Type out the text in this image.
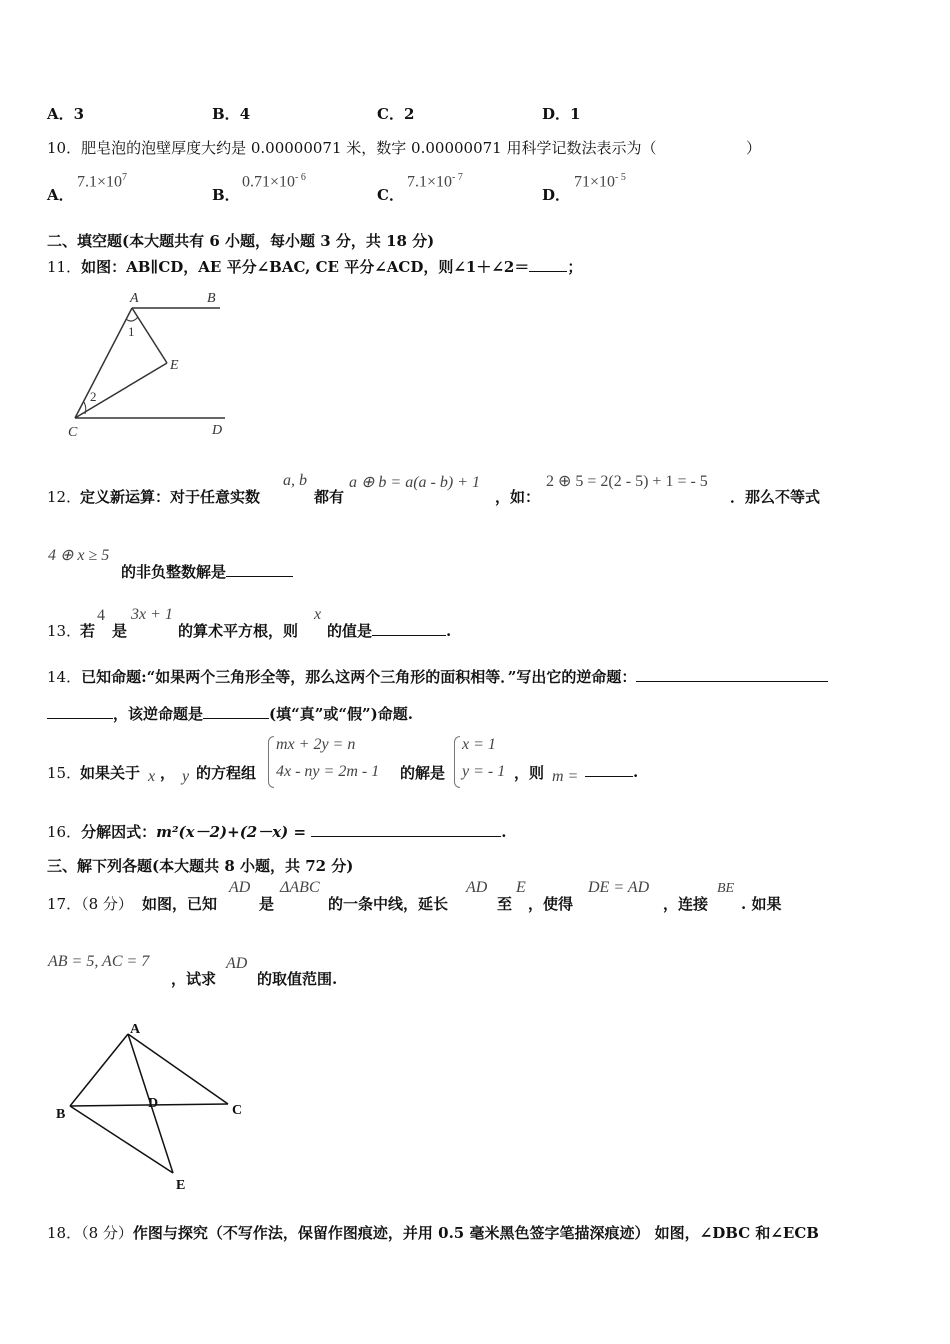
A．3	B．4	C．2	D．1
10．肥皂泡的泡壁厚度大约是 0.00000071 米，数字 0.00000071 用科学记数法表示为（	）
A．
$7.1\times 10^7$
B．
$0.71\times 10^{- 6}$
C．
$7.1\times 10^{- 7}$
D．
$71\times 10^{- 5}$
二、填空题(本大题共有 6 小题，每小题 3 分，共 18 分)
11．如图：AB∥CD，AE 平分∠BAC, CE 平分∠ACD，则∠1＋∠2＝	；
A	B
C	D
E
1
2
12．
定义新运算：对于任意实数
a, b
都有
a ⊕ b = a(a - b) + 1
，如：
2 ⊕ 5 = 2(2 - 5) + 1 = - 5
．那么不等式
4 ⊕ x ≥ 5
的非负整数解是
13．
若
4
是
3x + 1
的算术平方根，则
x
的值是	.
14．已知命题:“如果两个三角形全等，那么这两个三角形的面积相等．”写出它的逆命题：
，该逆命题是	(填“真”或“假”)命题.
15．
如果关于 x ， y 的方程组
mx + 2y = n
4x - ny = 2m - 1 的解是
x = 1
y = - 1 ，则 m =	.
16．分解因式：m²(x－2)+(2－x) =	.
三、解下列各题(本大题共 8 小题，共 72 分)
17．（8 分） 如图，已知
AD
是
ΔABC
的一条中线，延长
AD
至
E
，使得
DE = AD
，连接
BE
. 如果
AB = 5, AC = 7
，试求
AD
的取值范围.
A
B	C
D
E
18．（8 分）作图与探究（不写作法，保留作图痕迹，并用 0.5 毫米黑色签字笔描深痕迹） 如图，∠DBC 和∠ECB
